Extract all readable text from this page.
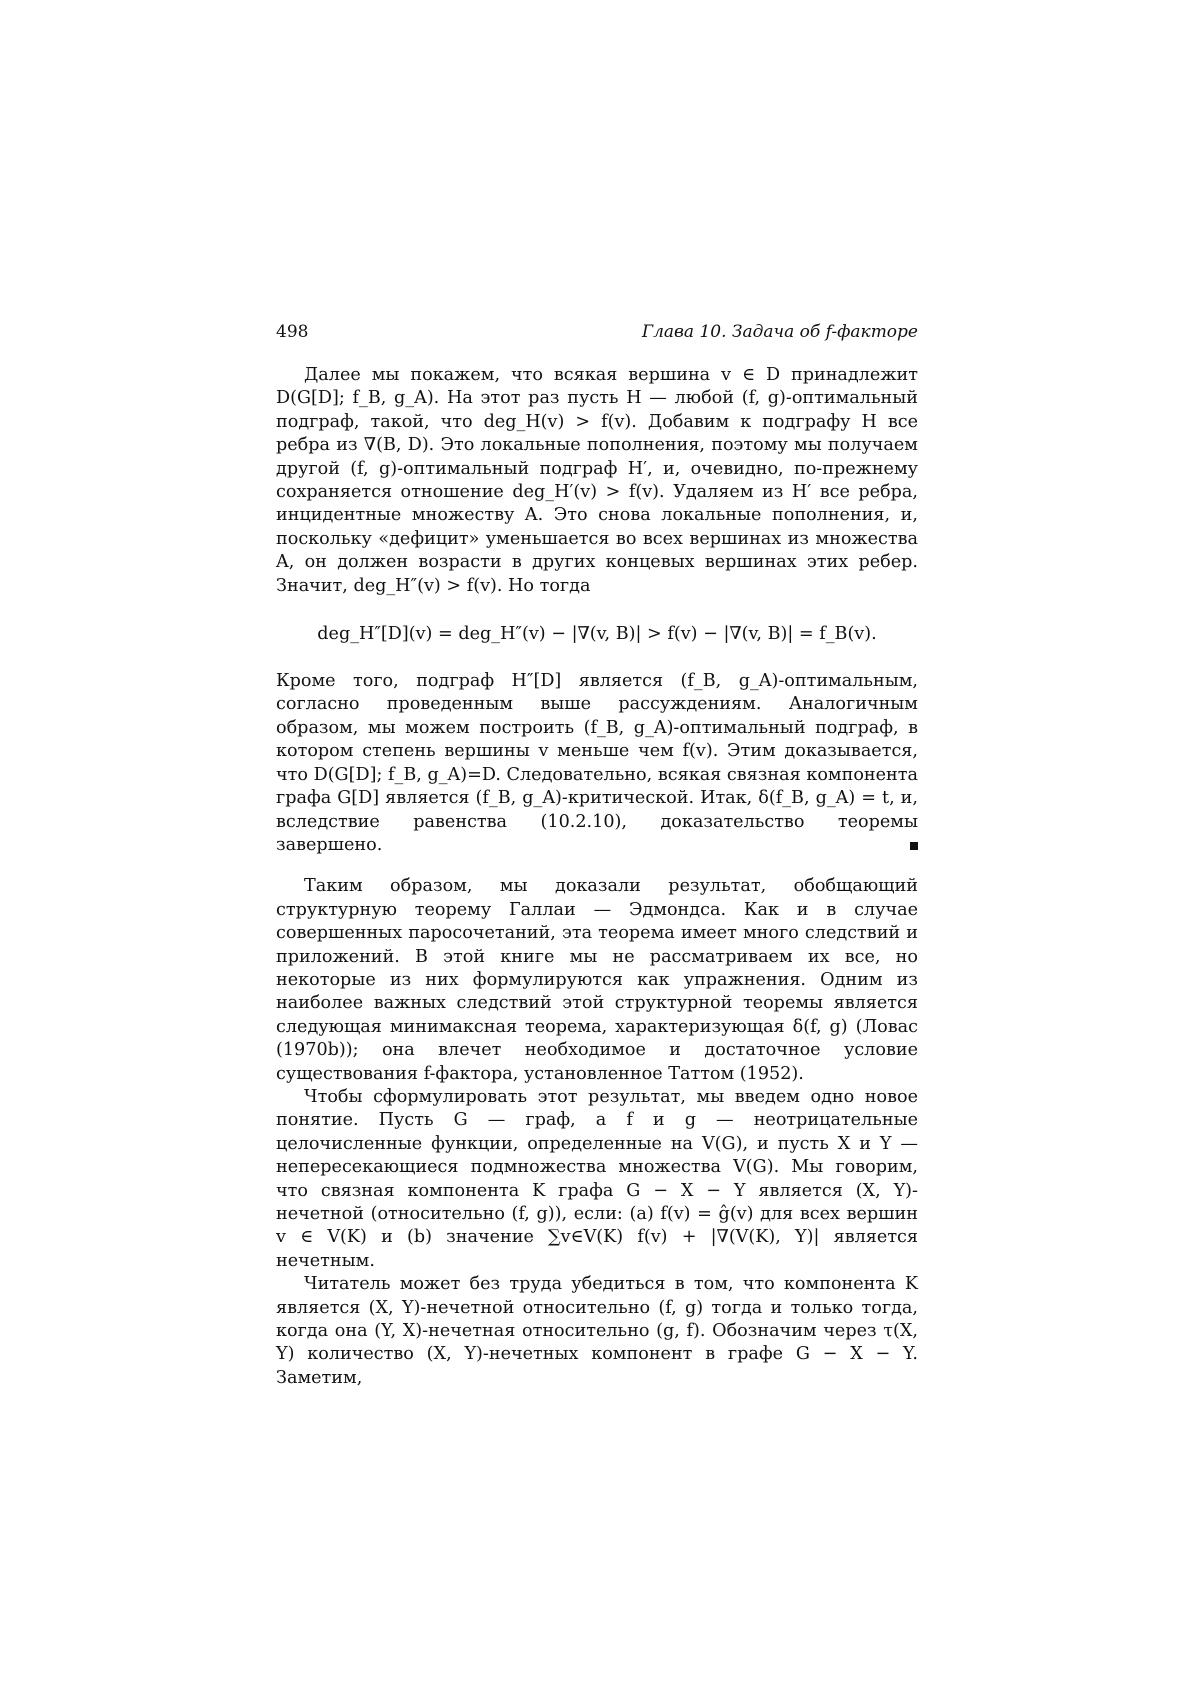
498	Глава 10. Задача об f-факторе

Далее мы покажем, что всякая вершина v ∈ D принадлежит D(G[D]; f_B, g_A). На этот раз пусть H — любой (f, g)-оптимальный подграф, такой, что deg_H(v) > f(v). Добавим к подграфу H все ребра из ∇(B, D). Это локальные пополнения, поэтому мы получаем другой (f, g)-оптимальный подграф H′, и, очевидно, по-прежнему сохраняется отношение deg_H′(v) > f(v). Удаляем из H′ все ребра, инцидентные множеству A. Это снова локальные пополнения, и, поскольку «дефицит» уменьшается во всех вершинах из множества A, он должен возрасти в других концевых вершинах этих ребер. Значит, deg_H″(v) > f(v). Но тогда

deg_H″[D](v) = deg_H″(v) − |∇(v, B)| > f(v) − |∇(v, B)| = f_B(v).

Кроме того, подграф H″[D] является (f_B, g_A)-оптимальным, согласно проведенным выше рассуждениям. Аналогичным образом, мы можем построить (f_B, g_A)-оптимальный подграф, в котором степень вершины v меньше чем f(v). Этим доказывается, что D(G[D]; f_B, g_A)=D. Следовательно, всякая связная компонента графа G[D] является (f_B, g_A)-критической. Итак, δ(f_B, g_A) = t, и, вследствие равенства (10.2.10), доказательство теоремы завершено.

Таким образом, мы доказали результат, обобщающий структурную теорему Галлаи — Эдмондса. Как и в случае совершенных паросочетаний, эта теорема имеет много следствий и приложений. В этой книге мы не рассматриваем их все, но некоторые из них формулируются как упражнения. Одним из наиболее важных следствий этой структурной теоремы является следующая минимаксная теорема, характеризующая δ(f, g) (Ловас (1970b)); она влечет необходимое и достаточное условие существования f-фактора, установленное Таттом (1952).

Чтобы сформулировать этот результат, мы введем одно новое понятие. Пусть G — граф, а f и g — неотрицательные целочисленные функции, определенные на V(G), и пусть X и Y — непересекающиеся подмножества множества V(G). Мы говорим, что связная компонента K графа G − X − Y является (X, Y)-нечетной (относительно (f, g)), если: (a) f(v) = ĝ(v) для всех вершин v ∈ V(K) и (b) значение ∑v∈V(K) f(v) + |∇(V(K), Y)| является нечетным.

Читатель может без труда убедиться в том, что компонента K является (X, Y)-нечетной относительно (f, g) тогда и только тогда, когда она (Y, X)-нечетная относительно (g, f). Обозначим через τ(X, Y) количество (X, Y)-нечетных компонент в графе G − X − Y. Заметим,
